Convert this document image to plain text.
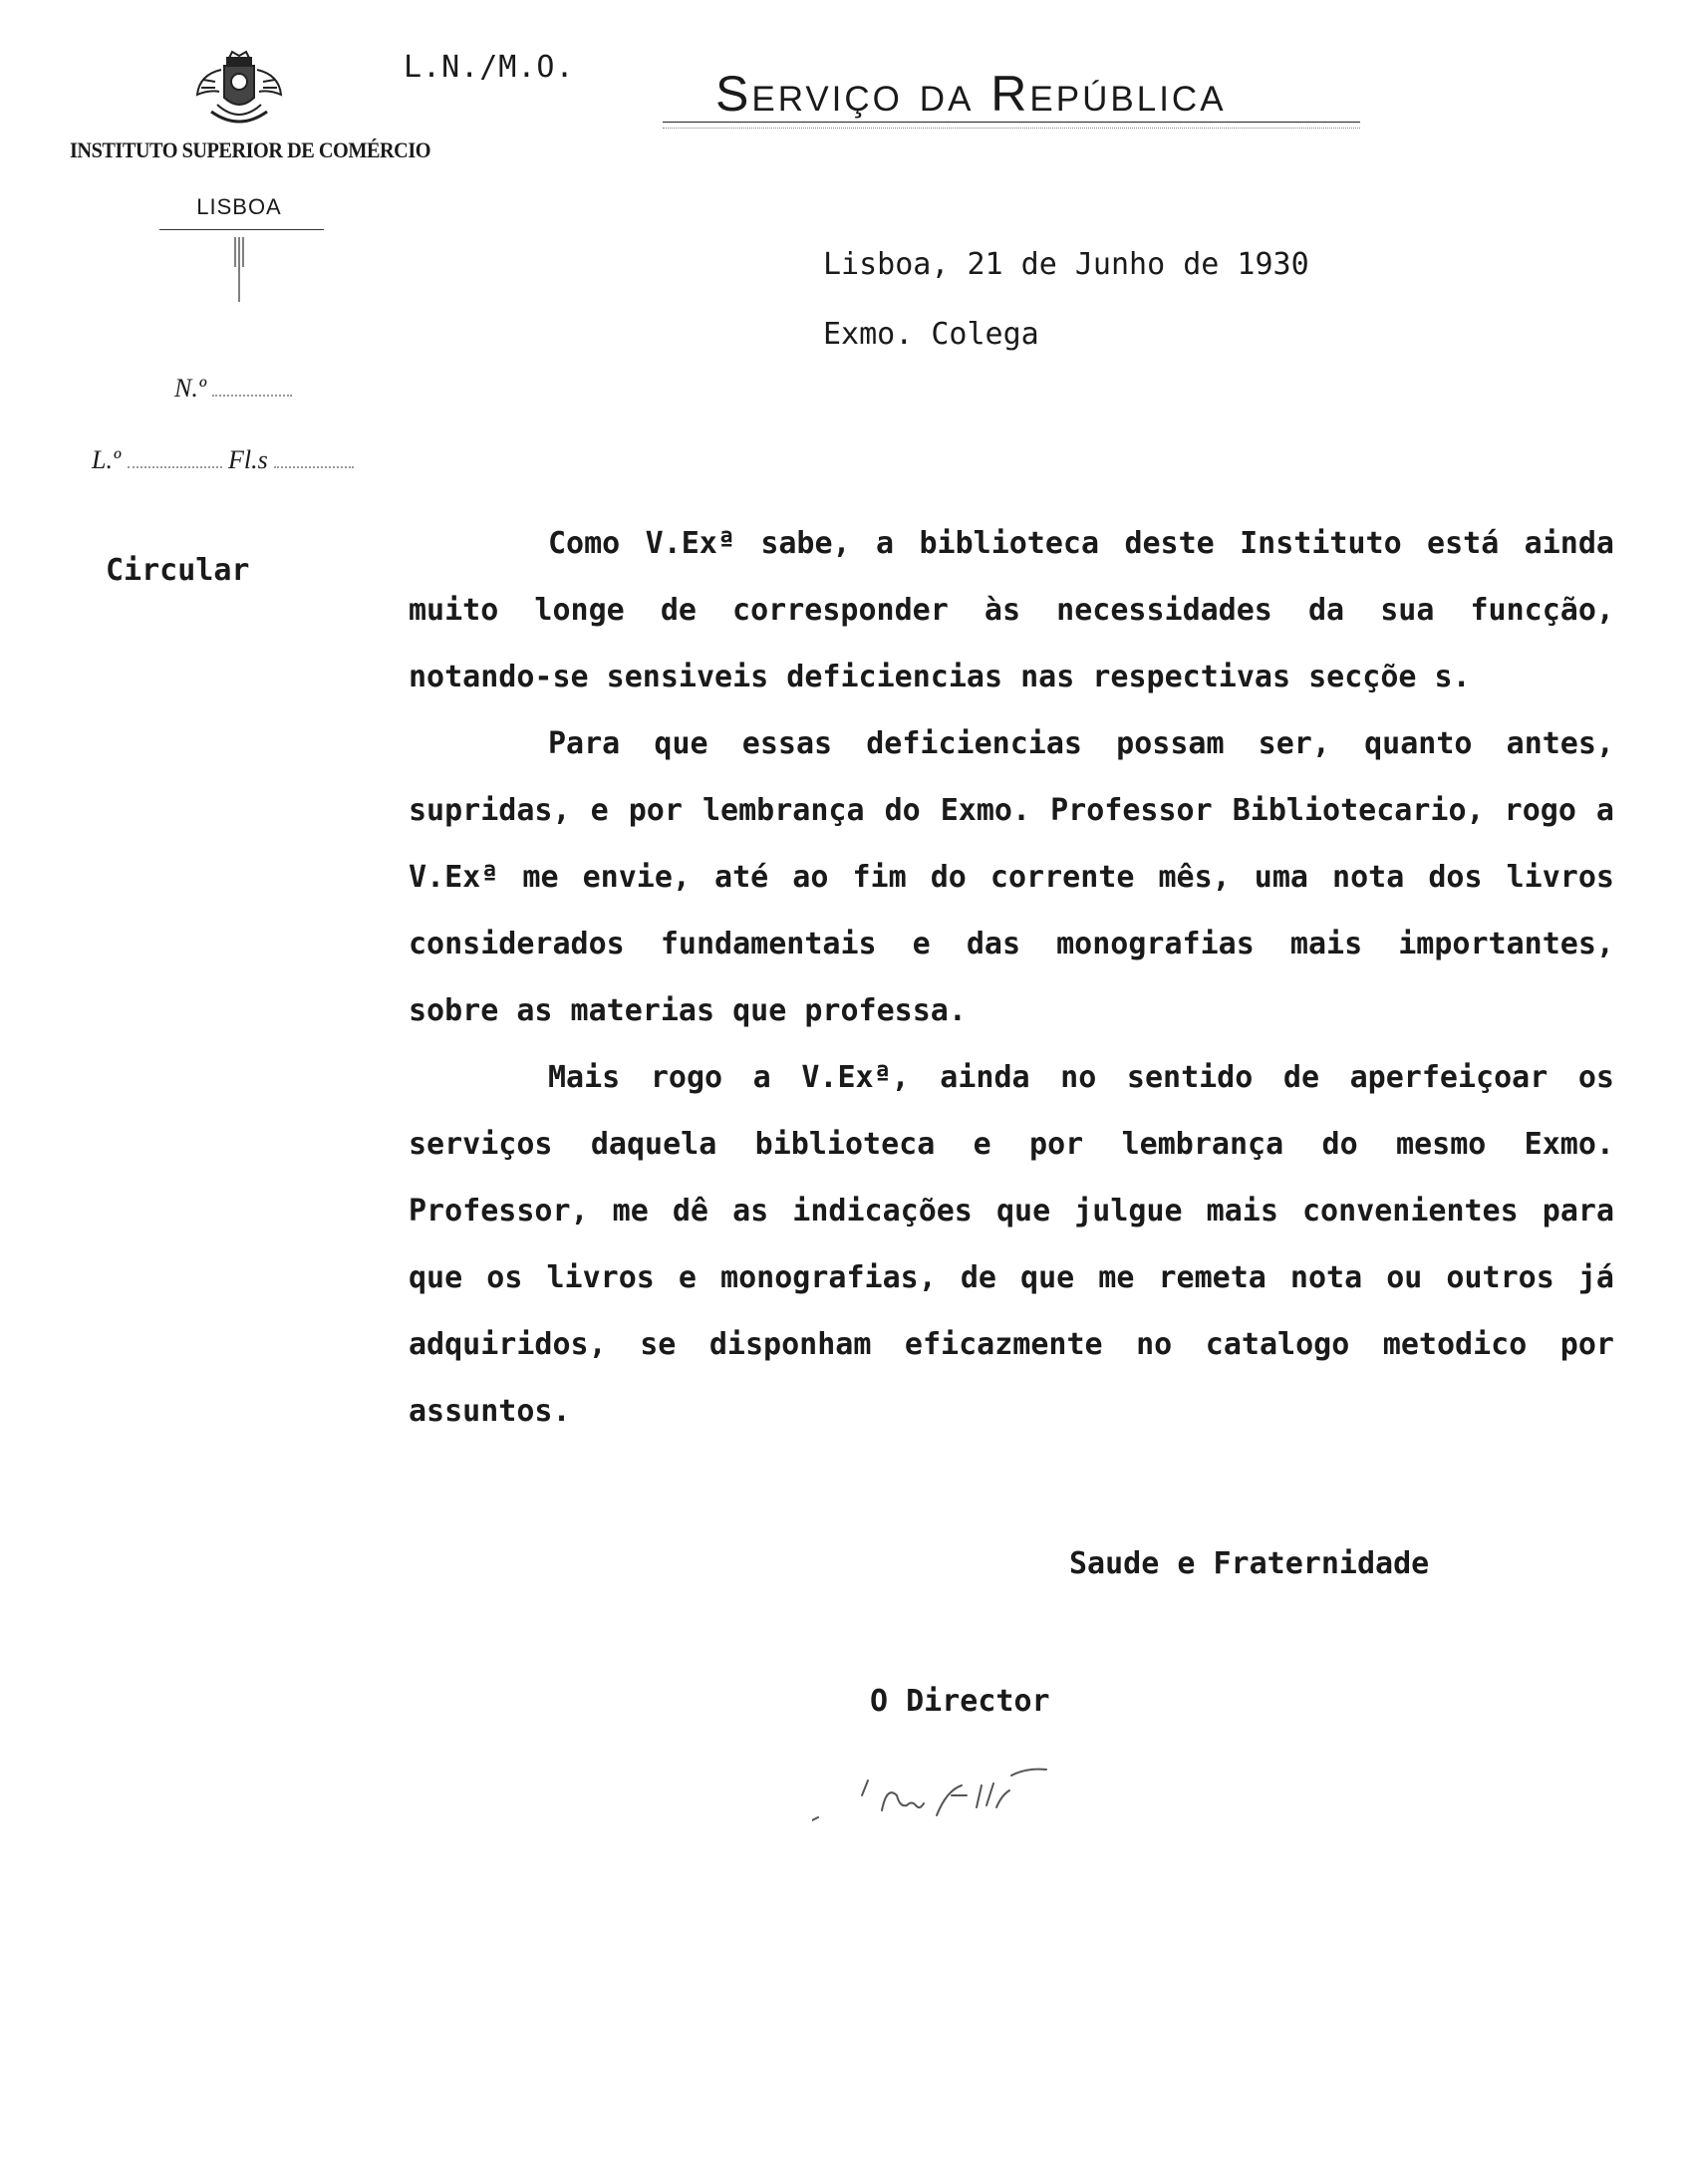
INSTITUTO SUPERIOR DE COMÉRCIO
LISBOA
L.N./M.O.	Serviço da República
N.º
L.º	Fl.s
Lisboa, 21 de Junho de 1930
Exmo. Colega
Circular

Como V.Exª sabe, a biblioteca deste Instituto está ainda muito longe de corresponder às necessidades da sua funcção, notando-se sensiveis deficiencias nas respectivas secçõe s.

Para que essas deficiencias possam ser, quanto antes, supridas, e por lembrança do Exmo. Professor Bibliotecario, rogo a V.Exª me envie, até ao fim do corrente mês, uma nota dos livros considerados fundamentais e das monografias mais importantes, sobre as materias que professa.

Mais rogo a V.Exª, ainda no sentido de aperfeiçoar os serviços daquela biblioteca e por lembrança do mesmo Exmo. Professor, me dê as indicações que julgue mais convenientes para que os livros e monografias, de que me remeta nota ou outros já adquiridos, se disponham eficazmente no catalogo metodico por assuntos.

Saude e Fraternidade
O Director
